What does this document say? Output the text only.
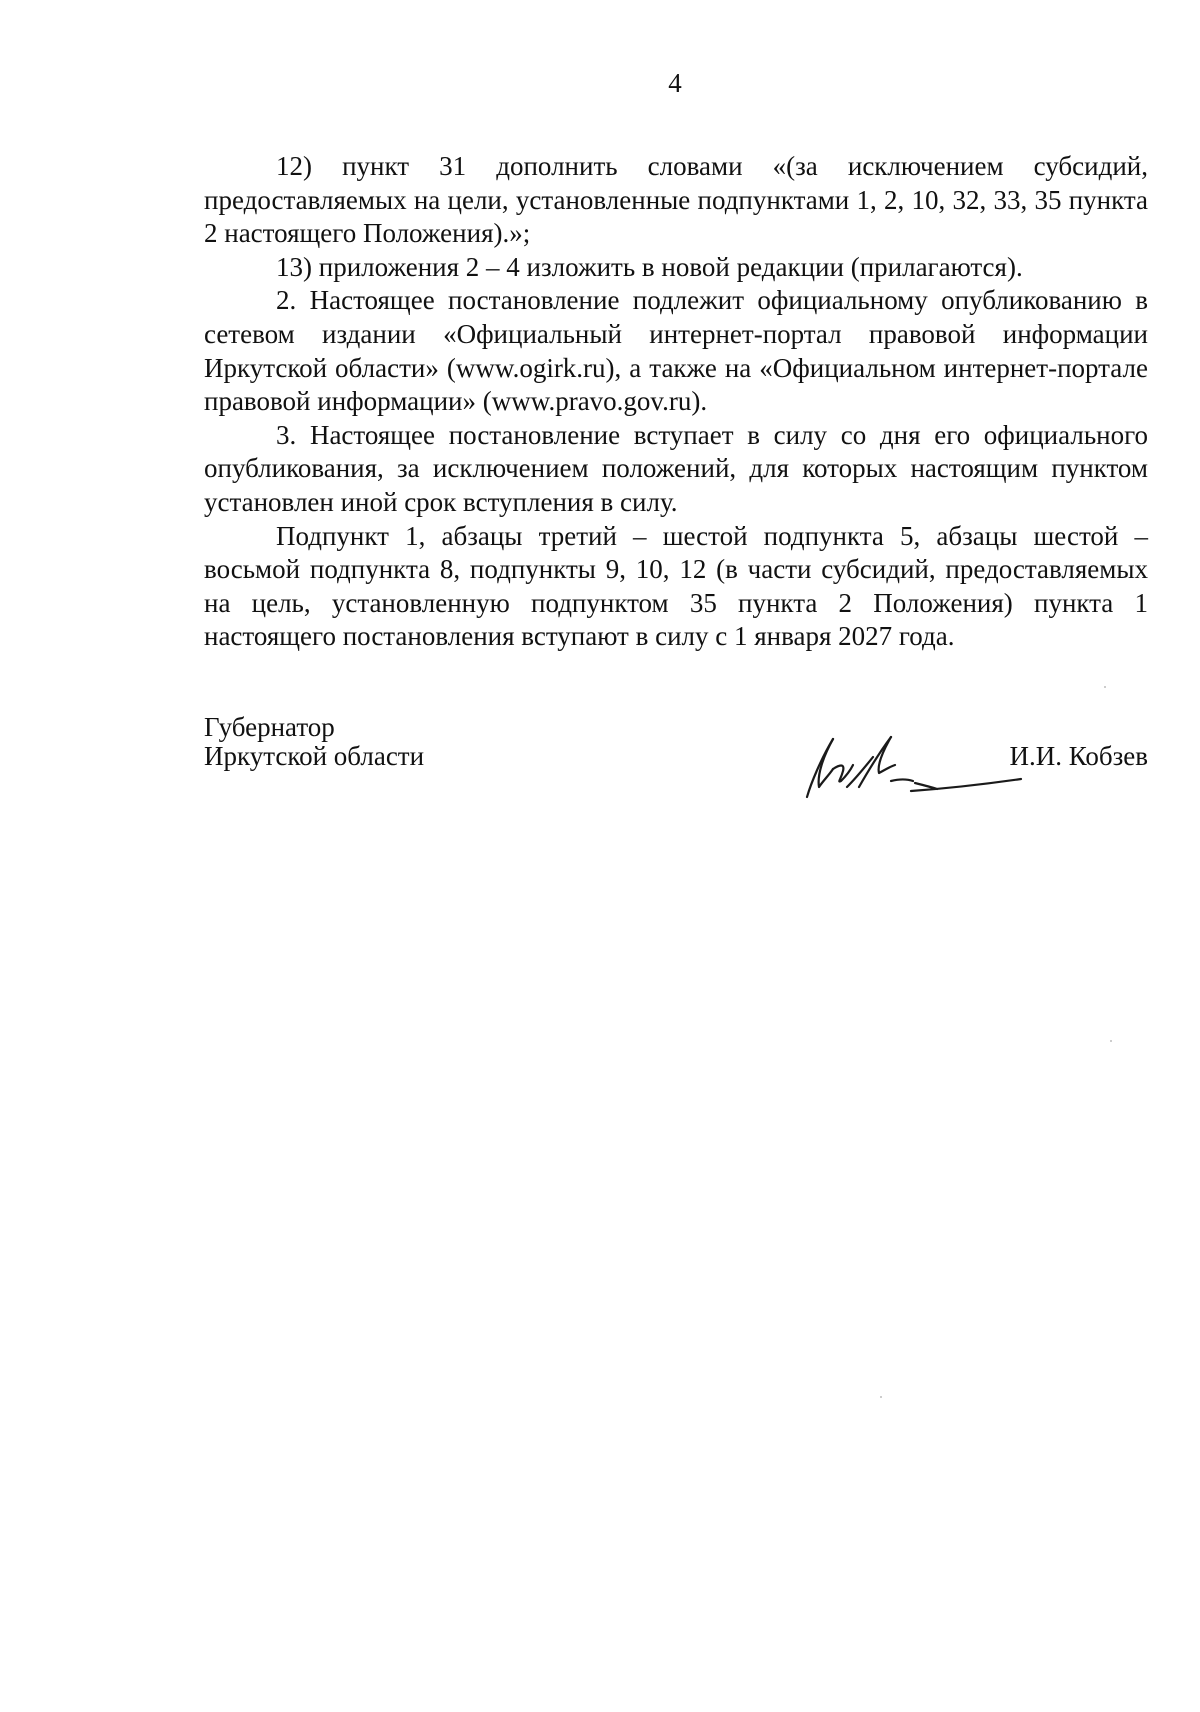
4

12) пункт 31 дополнить словами «(за исключением субсидий, предоставляемых на цели, установленные подпунктами 1, 2, 10, 32, 33, 35 пункта 2 настоящего Положения).»;

13) приложения 2 – 4 изложить в новой редакции (прилагаются).

2. Настоящее постановление подлежит официальному опубликованию в сетевом издании «Официальный интернет-портал правовой информации Иркутской области» (www.ogirk.ru), а также на «Официальном интернет-портале правовой информации» (www.pravo.gov.ru).

3. Настоящее постановление вступает в силу со дня его официального опубликования, за исключением положений, для которых настоящим пунктом установлен иной срок вступления в силу.

Подпункт 1, абзацы третий – шестой подпункта 5, абзацы шестой – восьмой подпункта 8, подпункты 9, 10, 12 (в части субсидий, предоставляемых на цель, установленную подпунктом 35 пункта 2 Положения) пункта 1 настоящего постановления вступают в силу с 1 января 2027 года.

Губернатор
Иркутской области	И.И. Кобзев
